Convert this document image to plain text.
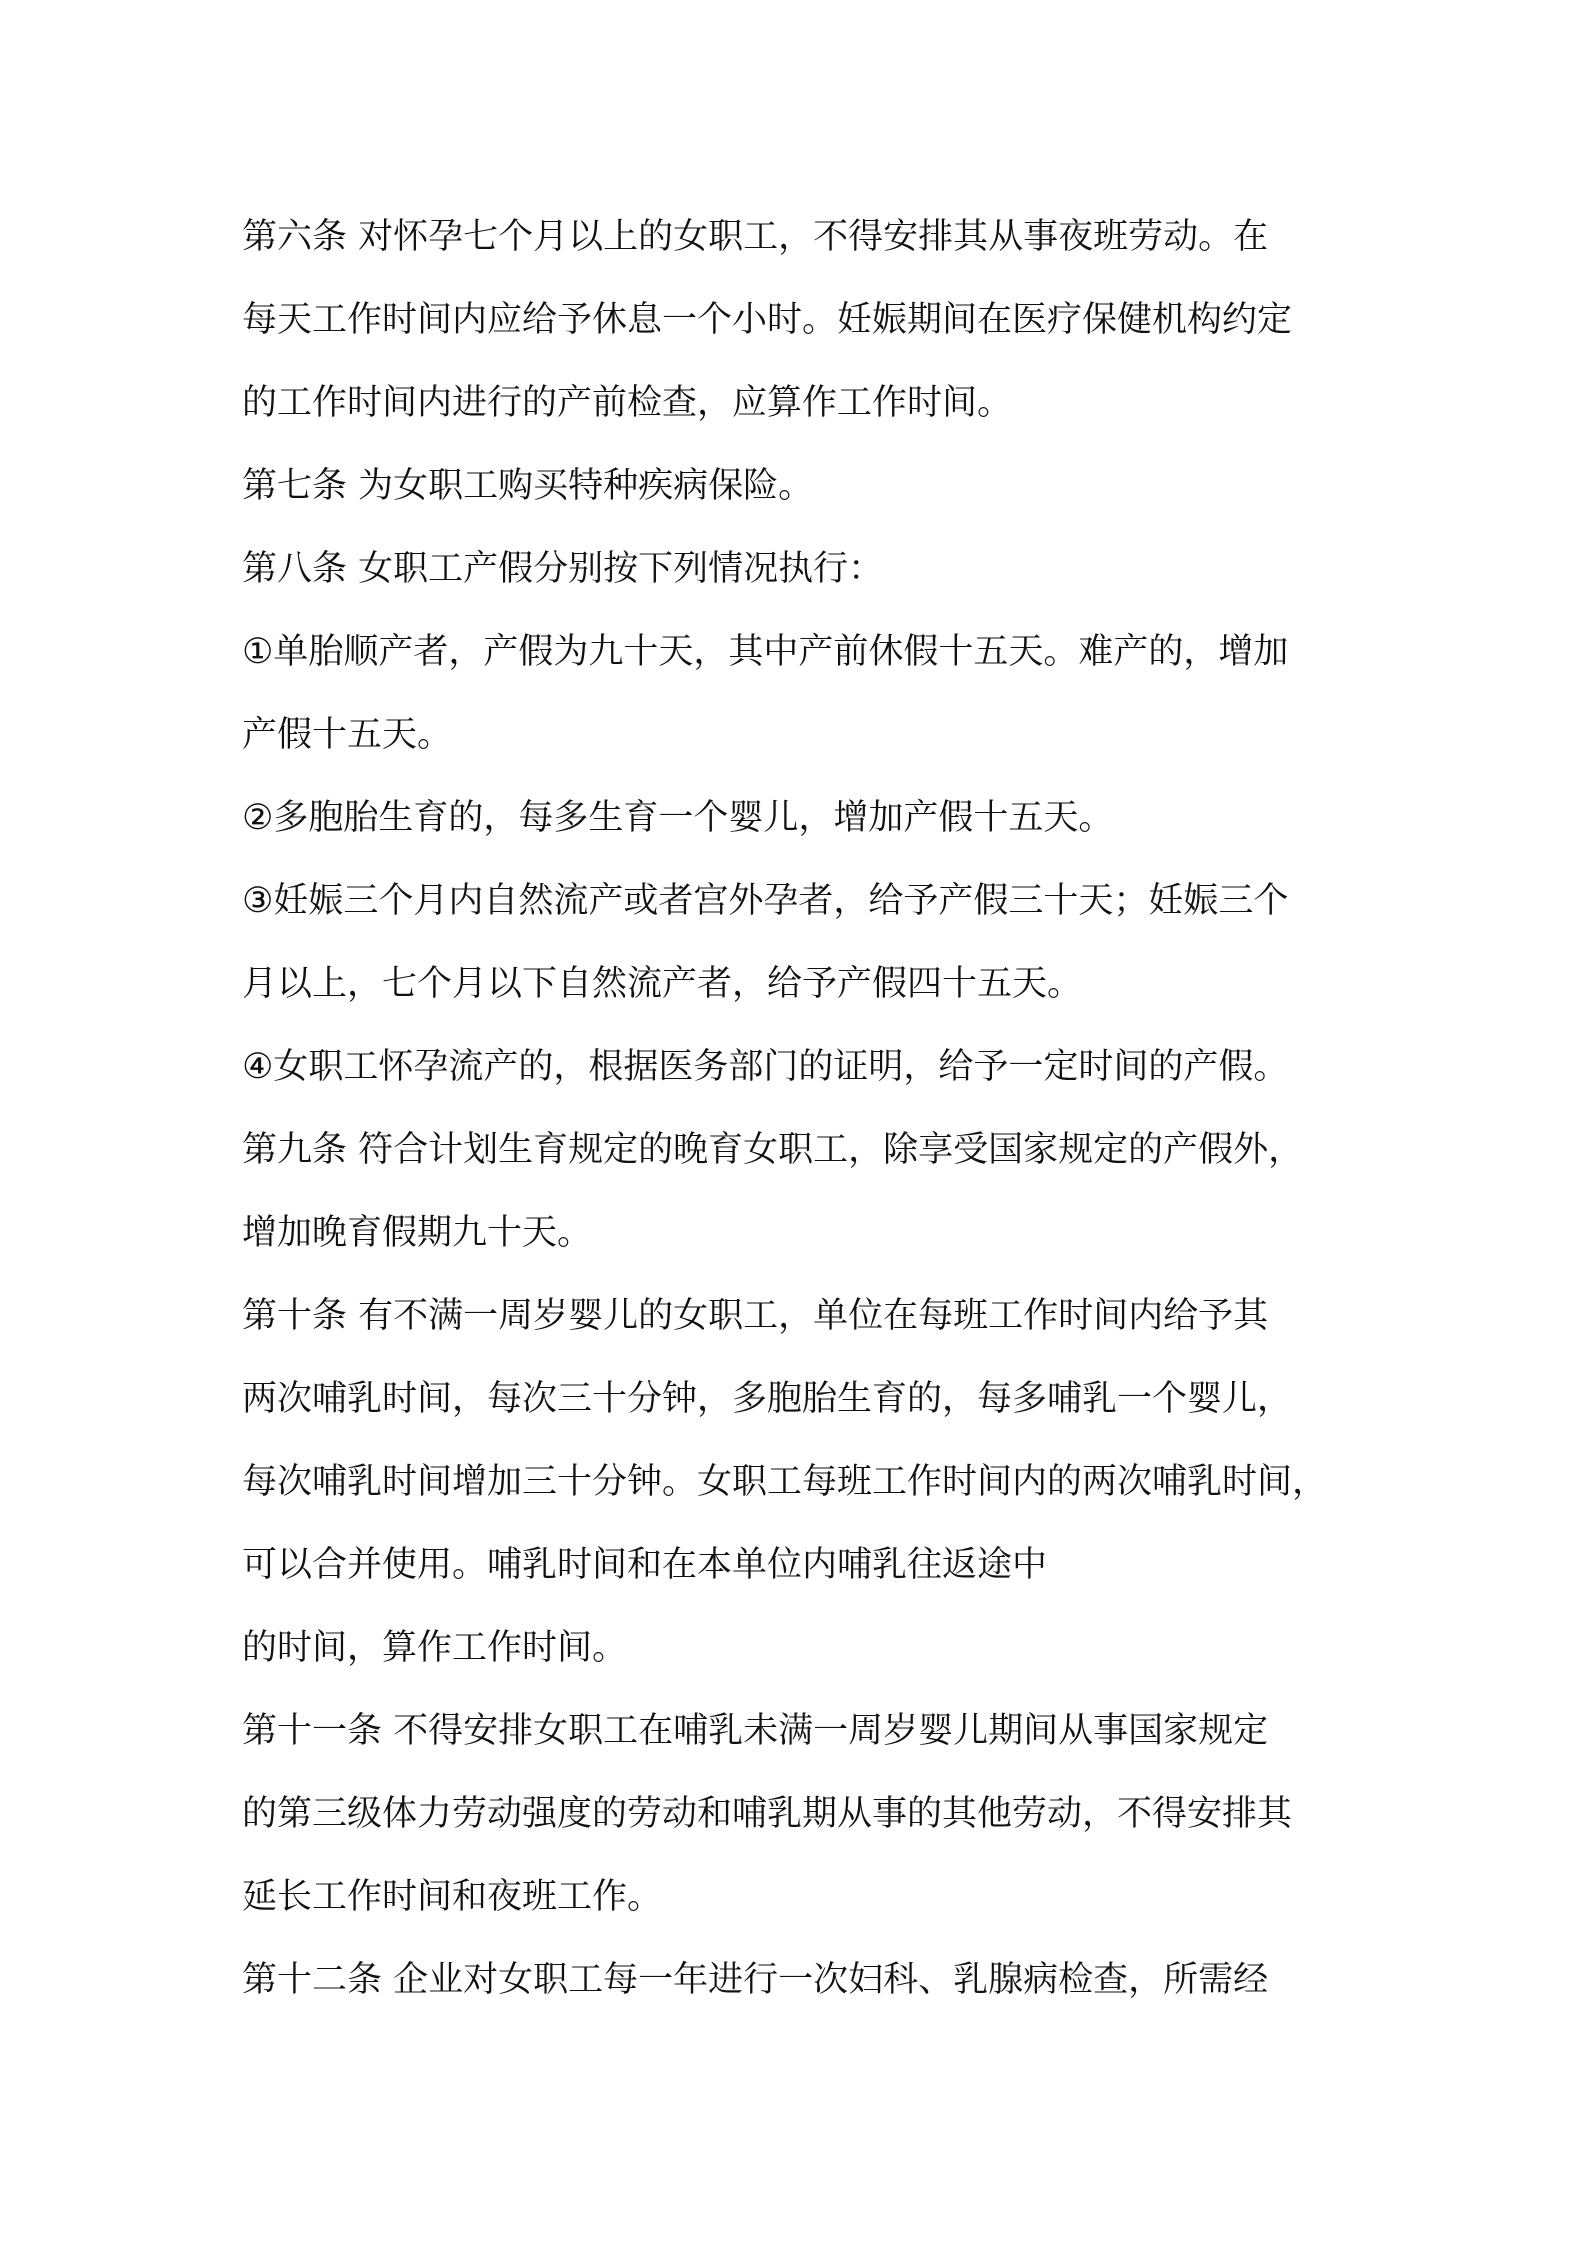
第六条 对怀孕七个月以上的女职工，不得安排其从事夜班劳动。在

每天工作时间内应给予休息一个小时。妊娠期间在医疗保健机构约定

的工作时间内进行的产前检查，应算作工作时间。

第七条 为女职工购买特种疾病保险。

第八条 女职工产假分别按下列情况执行：

①单胎顺产者，产假为九十天，其中产前休假十五天。难产的，增加

产假十五天。

②多胞胎生育的，每多生育一个婴儿，增加产假十五天。

③妊娠三个月内自然流产或者宫外孕者，给予产假三十天；妊娠三个

月以上，七个月以下自然流产者，给予产假四十五天。

④女职工怀孕流产的，根据医务部门的证明，给予一定时间的产假。

第九条 符合计划生育规定的晚育女职工，除享受国家规定的产假外，

增加晚育假期九十天。

第十条 有不满一周岁婴儿的女职工，单位在每班工作时间内给予其

两次哺乳时间，每次三十分钟，多胞胎生育的，每多哺乳一个婴儿，

每次哺乳时间增加三十分钟。女职工每班工作时间内的两次哺乳时间，

可以合并使用。哺乳时间和在本单位内哺乳往返途中

的时间，算作工作时间。

第十一条 不得安排女职工在哺乳未满一周岁婴儿期间从事国家规定

的第三级体力劳动强度的劳动和哺乳期从事的其他劳动，不得安排其

延长工作时间和夜班工作。

第十二条 企业对女职工每一年进行一次妇科、乳腺病检查，所需经
